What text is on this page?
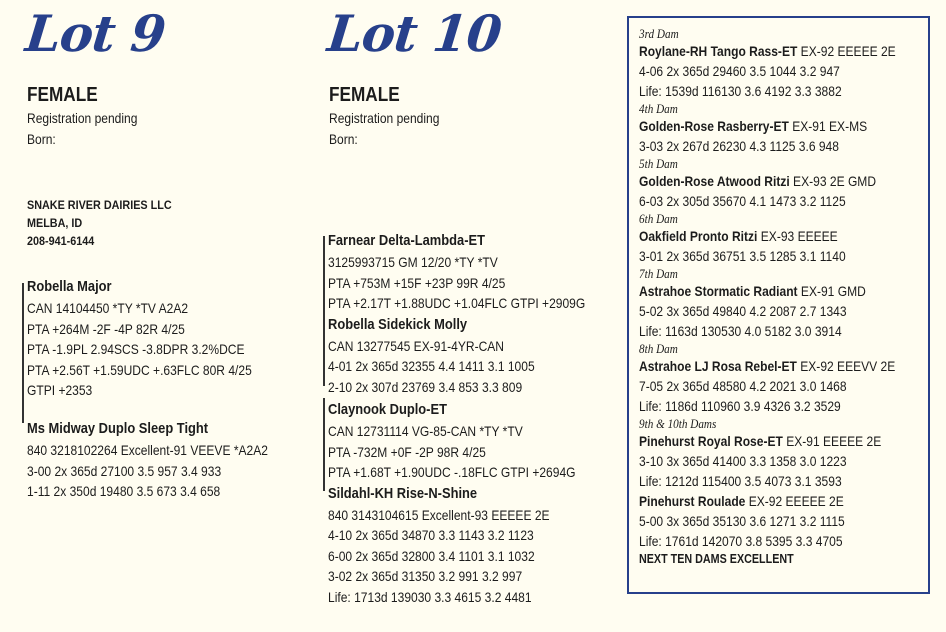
Lot 9
FEMALE
Registration pending
Born:
SNAKE RIVER DAIRIES LLC
MELBA, ID
208-941-6144
Robella Major
CAN 14104450 *TY *TV A2A2
PTA +264M -2F -4P 82R 4/25
PTA -1.9PL 2.94SCS -3.8DPR 3.2%DCE
PTA +2.56T +1.59UDC +.63FLC 80R 4/25
GTPI +2353
Ms Midway Duplo Sleep Tight
840 3218102264 Excellent-91 VEEVE *A2A2
3-00 2x 365d 27100 3.5 957 3.4 933
1-11 2x 350d 19480 3.5 673 3.4 658
Lot 10
FEMALE
Registration pending
Born:
Farnear Delta-Lambda-ET
3125993715 GM 12/20 *TY *TV
PTA +753M +15F +23P 99R 4/25
PTA +2.17T +1.88UDC +1.04FLC GTPI +2909G
Robella Sidekick Molly
CAN 13277545 EX-91-4YR-CAN
4-01 2x 365d 32355 4.4 1411 3.1 1005
2-10 2x 307d 23769 3.4 853 3.3 809
Claynook Duplo-ET
CAN 12731114 VG-85-CAN *TY *TV
PTA -732M +0F -2P 98R 4/25
PTA +1.68T +1.90UDC -.18FLC GTPI +2694G
Sildahl-KH Rise-N-Shine
840 3143104615 Excellent-93 EEEEE 2E
4-10 2x 365d 34870 3.3 1143 3.2 1123
6-00 2x 365d 32800 3.4 1101 3.1 1032
3-02 2x 365d 31350 3.2 991 3.2 997
Life: 1713d 139030 3.3 4615 3.2 4481
3rd Dam
Roylane-RH Tango Rass-ET EX-92 EEEEE 2E
4-06 2x 365d 29460 3.5 1044 3.2 947
Life: 1539d 116130 3.6 4192 3.3 3882
4th Dam
Golden-Rose Rasberry-ET EX-91 EX-MS
3-03 2x 267d 26230 4.3 1125 3.6 948
5th Dam
Golden-Rose Atwood Ritzi EX-93 2E GMD
6-03 2x 305d 35670 4.1 1473 3.2 1125
6th Dam
Oakfield Pronto Ritzi EX-93 EEEEE
3-01 2x 365d 36751 3.5 1285 3.1 1140
7th Dam
Astrahoe Stormatic Radiant EX-91 GMD
5-02 3x 365d 49840 4.2 2087 2.7 1343
Life: 1163d 130530 4.0 5182 3.0 3914
8th Dam
Astrahoe LJ Rosa Rebel-ET EX-92 EEEVV 2E
7-05 2x 365d 48580 4.2 2021 3.0 1468
Life: 1186d 110960 3.9 4326 3.2 3529
9th & 10th Dams
Pinehurst Royal Rose-ET EX-91 EEEEE 2E
3-10 3x 365d 41400 3.3 1358 3.0 1223
Life: 1212d 115400 3.5 4073 3.1 3593
Pinehurst Roulade EX-92 EEEEE 2E
5-00 3x 365d 35130 3.6 1271 3.2 1115
Life: 1761d 142070 3.8 5395 3.3 4705
NEXT TEN DAMS EXCELLENT
